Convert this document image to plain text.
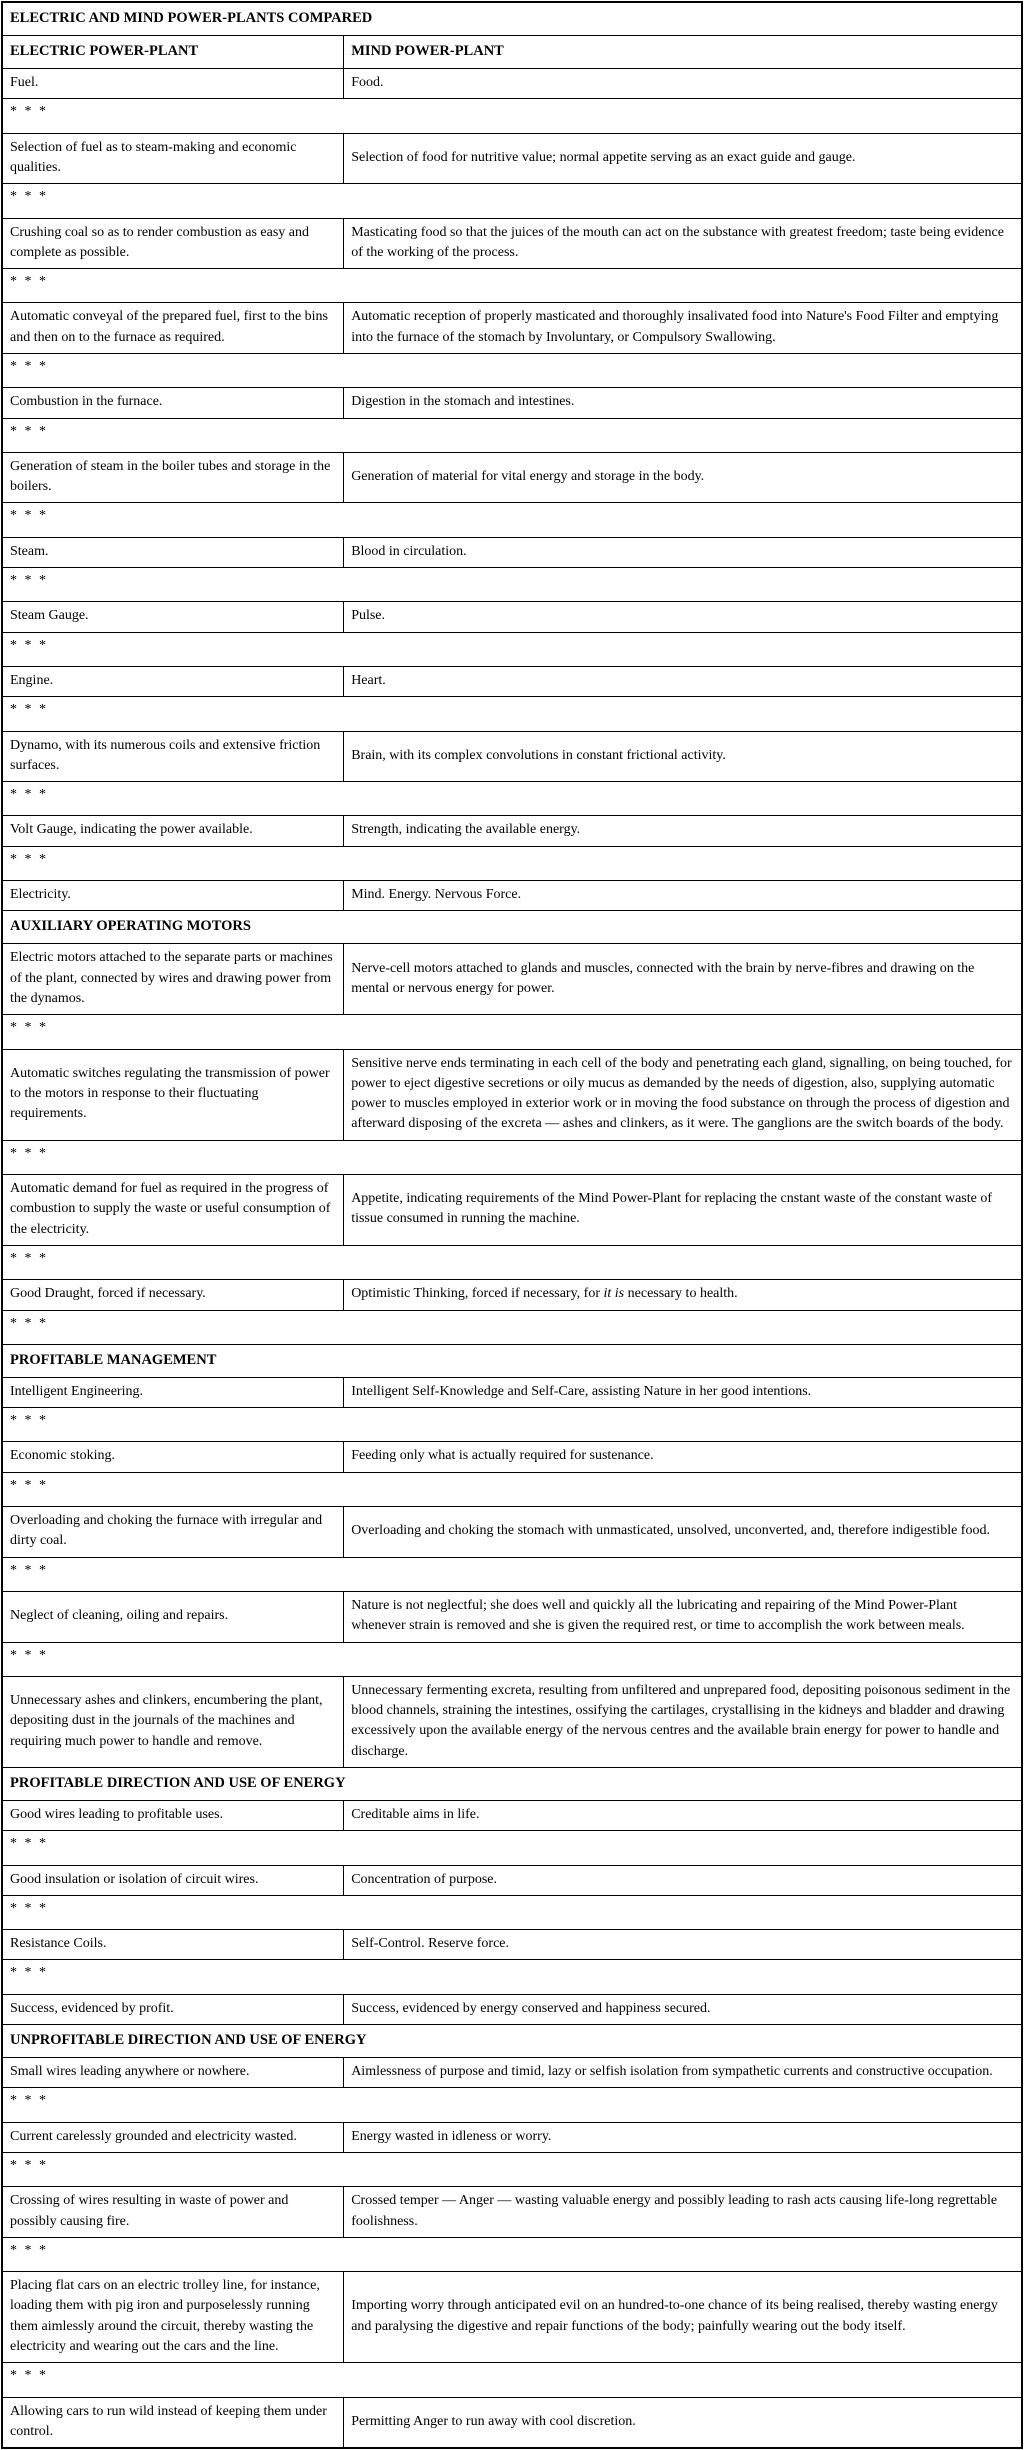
ELECTRIC AND MIND POWER-PLANTS COMPARED	
ELECTRIC POWER-PLANT	MIND POWER-PLANT
Fuel.	Food.
* * *	
Selection of fuel as to steam-making and economic qualities.	Selection of food for nutritive value; normal appetite serving as an exact guide and gauge.
* * *	
Crushing coal so as to render combustion as easy and complete as possible.	Masticating food so that the juices of the mouth can act on the substance with greatest freedom; taste being evidence of the working of the process.
* * *	
Automatic conveyal of the prepared fuel, first to the bins and then on to the furnace as required.	Automatic reception of properly masticated and thoroughly insalivated food into Nature's Food Filter and emptying into the furnace of the stomach by Involuntary, or Compulsory Swallowing.
* * *	
Combustion in the furnace.	Digestion in the stomach and intestines.
* * *	
Generation of steam in the boiler tubes and storage in the boilers.	Generation of material for vital energy and storage in the body.
* * *	
Steam.	Blood in circulation.
* * *	
Steam Gauge.	Pulse.
* * *	
Engine.	Heart.
* * *	
Dynamo, with its numerous coils and extensive friction surfaces.	Brain, with its complex convolutions in constant frictional activity.
* * *	
Volt Gauge, indicating the power available.	Strength, indicating the available energy.
* * *	
Electricity.	Mind. Energy. Nervous Force.
AUXILIARY OPERATING MOTORS	
Electric motors attached to the separate parts or machines of the plant, connected by wires and drawing power from the dynamos.	Nerve-cell motors attached to glands and muscles, connected with the brain by nerve-fibres and drawing on the mental or nervous energy for power.
* * *	
Automatic switches regulating the transmission of power to the motors in response to their fluctuating requirements.	Sensitive nerve ends terminating in each cell of the body and penetrating each gland, signalling, on being touched, for power to eject digestive secretions or oily mucus as demanded by the needs of digestion, also, supplying automatic power to muscles employed in exterior work or in moving the food substance on through the process of digestion and afterward disposing of the excreta — ashes and clinkers, as it were. The ganglions are the switch boards of the body.
* * *	
Automatic demand for fuel as required in the progress of combustion to supply the waste or useful consumption of the electricity.	Appetite, indicating requirements of the Mind Power-Plant for replacing the cnstant waste of the constant waste of tissue consumed in running the machine.
* * *	
Good Draught, forced if necessary.	Optimistic Thinking, forced if necessary, for it is necessary to health.
* * *	
PROFITABLE MANAGEMENT	
Intelligent Engineering.	Intelligent Self-Knowledge and Self-Care, assisting Nature in her good intentions.
* * *	
Economic stoking.	Feeding only what is actually required for sustenance.
* * *	
Overloading and choking the furnace with irregular and dirty coal.	Overloading and choking the stomach with unmasticated, unsolved, unconverted, and, therefore indigestible food.
* * *	
Neglect of cleaning, oiling and repairs.	Nature is not neglectful; she does well and quickly all the lubricating and repairing of the Mind Power-Plant whenever strain is removed and she is given the required rest, or time to accomplish the work between meals.
* * *	
Unnecessary ashes and clinkers, encumbering the plant, depositing dust in the journals of the machines and requiring much power to handle and remove.	Unnecessary fermenting excreta, resulting from unfiltered and unprepared food, depositing poisonous sediment in the blood channels, straining the intestines, ossifying the cartilages, crystallising in the kidneys and bladder and drawing excessively upon the available energy of the nervous centres and the available brain energy for power to handle and discharge.
PROFITABLE DIRECTION AND USE OF ENERGY	
Good wires leading to profitable uses.	Creditable aims in life.
* * *	
Good insulation or isolation of circuit wires.	Concentration of purpose.
* * *	
Resistance Coils.	Self-Control. Reserve force.
* * *	
Success, evidenced by profit.	Success, evidenced by energy conserved and happiness secured.
UNPROFITABLE DIRECTION AND USE OF ENERGY	
Small wires leading anywhere or nowhere.	Aimlessness of purpose and timid, lazy or selfish isolation from sympathetic currents and constructive occupation.
* * *	
Current carelessly grounded and electricity wasted.	Energy wasted in idleness or worry.
* * *	
Crossing of wires resulting in waste of power and possibly causing fire.	Crossed temper — Anger — wasting valuable energy and possibly leading to rash acts causing life-long regrettable foolishness.
* * *	
Placing flat cars on an electric trolley line, for instance, loading them with pig iron and purposelessly running them aimlessly around the circuit, thereby wasting the electricity and wearing out the cars and the line.	Importing worry through anticipated evil on an hundred-to-one chance of its being realised, thereby wasting energy and paralysing the digestive and repair functions of the body; painfully wearing out the body itself.
* * *	
Allowing cars to run wild instead of keeping them under control.	Permitting Anger to run away with cool discretion.
